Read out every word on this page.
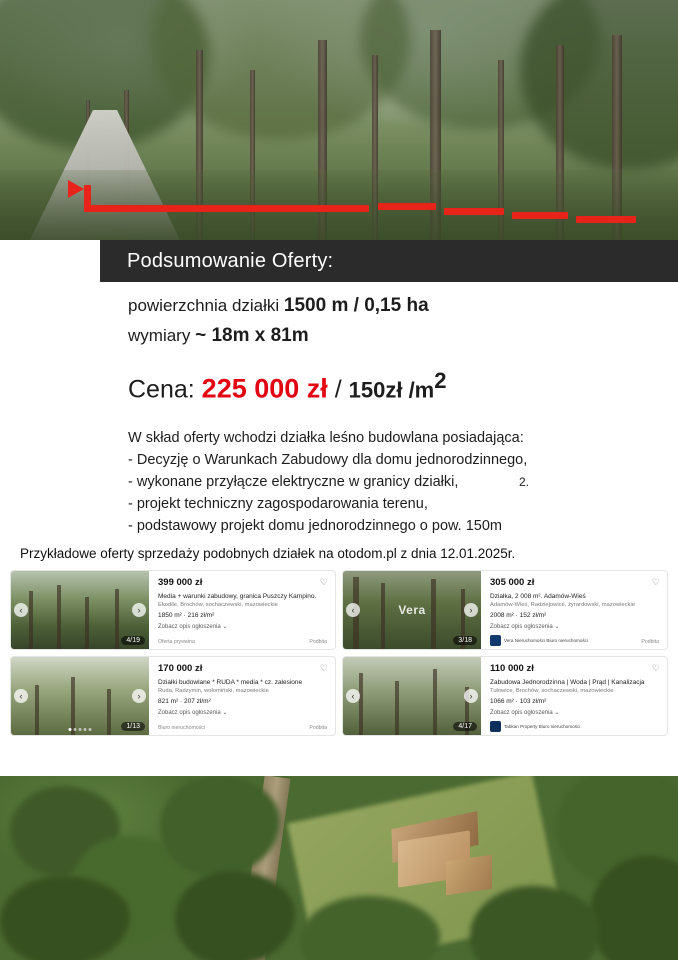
Podsumowanie Oferty:
powierzchnia działki 1500 m / 0,15 ha
wymiary ~ 18m x 81m
Cena: 225 000 zł / 150zł $/m^2$
W skład oferty wchodzi działka leśno budowlana posiadająca:
- Decyzję o Warunkach Zabudowy dla domu jednorodzinnego,
- wykonane przyłącze elektryczne w granicy działki,
- projekt techniczny zagospodarowania terenu,
- podstawowy projekt domu jednorodzinnego o pow. 150m
2.
Przykładowe oferty sprzedaży podobnych działek na otodom.pl z dnia 12.01.2025r.
‹	›
4/19
♡
399 000 zł
Media + warunki zabudowy, granica Puszczy Kampino.
Ekodile, Brochów, sochaczewski, mazowieckie
1850 m² · 216 zł/m²
Zobacz opis ogłoszenia ⌄
Oferta prywatna	Podbita
Vera
‹	›
3/18
♡
305 000 zł
Działka, 2 008 m². Adamów-Wieś
Adamów-Wieś, Radziejowice, żyrardowski, mazowieckie
2008 m² · 152 zł/m²
Zobacz opis ogłoszenia ⌄
Vera Nieruchomości Biuro nieruchomości	Podbita
‹	›
1/13
♡
170 000 zł
Działki budowlane * RUDA * media * cz. zalesione
Ruda, Radzymin, wołomiński, mazowieckie
821 m² · 207 zł/m²
Zobacz opis ogłoszenia ⌄
Biuro nieruchomości	Podbita
‹	›
4/17
♡
110 000 zł
Zabudowa Jednorodzinna | Woda | Prąd | Kanalizacja
Tułowice, Brochów, sochaczewski, mazowieckie
1066 m² · 103 zł/m²
Zobacz opis ogłoszenia ⌄
Tabkan Property Biuro nieruchomości
